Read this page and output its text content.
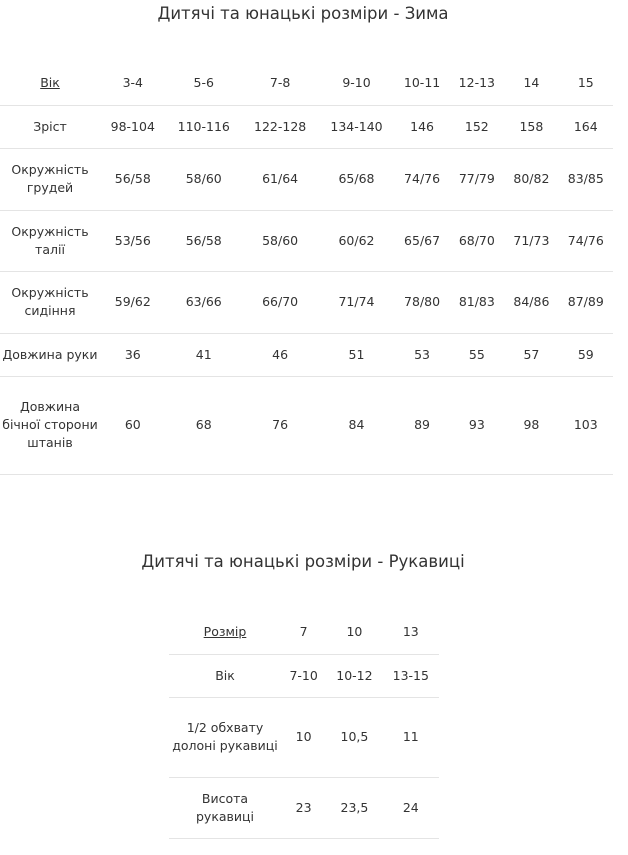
Дитячі та юнацькі розміри - Зима
Вік	3-4	5-6	7-8	9-10	10-11	12-13	14	15
Зріст	98-104	110-116	122-128	134-140	146	152	158	164
Окружність грудей	56/58	58/60	61/64	65/68	74/76	77/79	80/82	83/85
Окружність талії	53/56	56/58	58/60	60/62	65/67	68/70	71/73	74/76
Окружність сидіння	59/62	63/66	66/70	71/74	78/80	81/83	84/86	87/89
Довжина руки	36	41	46	51	53	55	57	59
Довжина бічної сторони штанів	60	68	76	84	89	93	98	103
Дитячі та юнацькі розміри - Рукавиці
Розмір	7	10	13
Вік	7-10	10-12	13-15
1/2 обхвату долоні рукавиці	10	10,5	11
Висота рукавиці	23	23,5	24
